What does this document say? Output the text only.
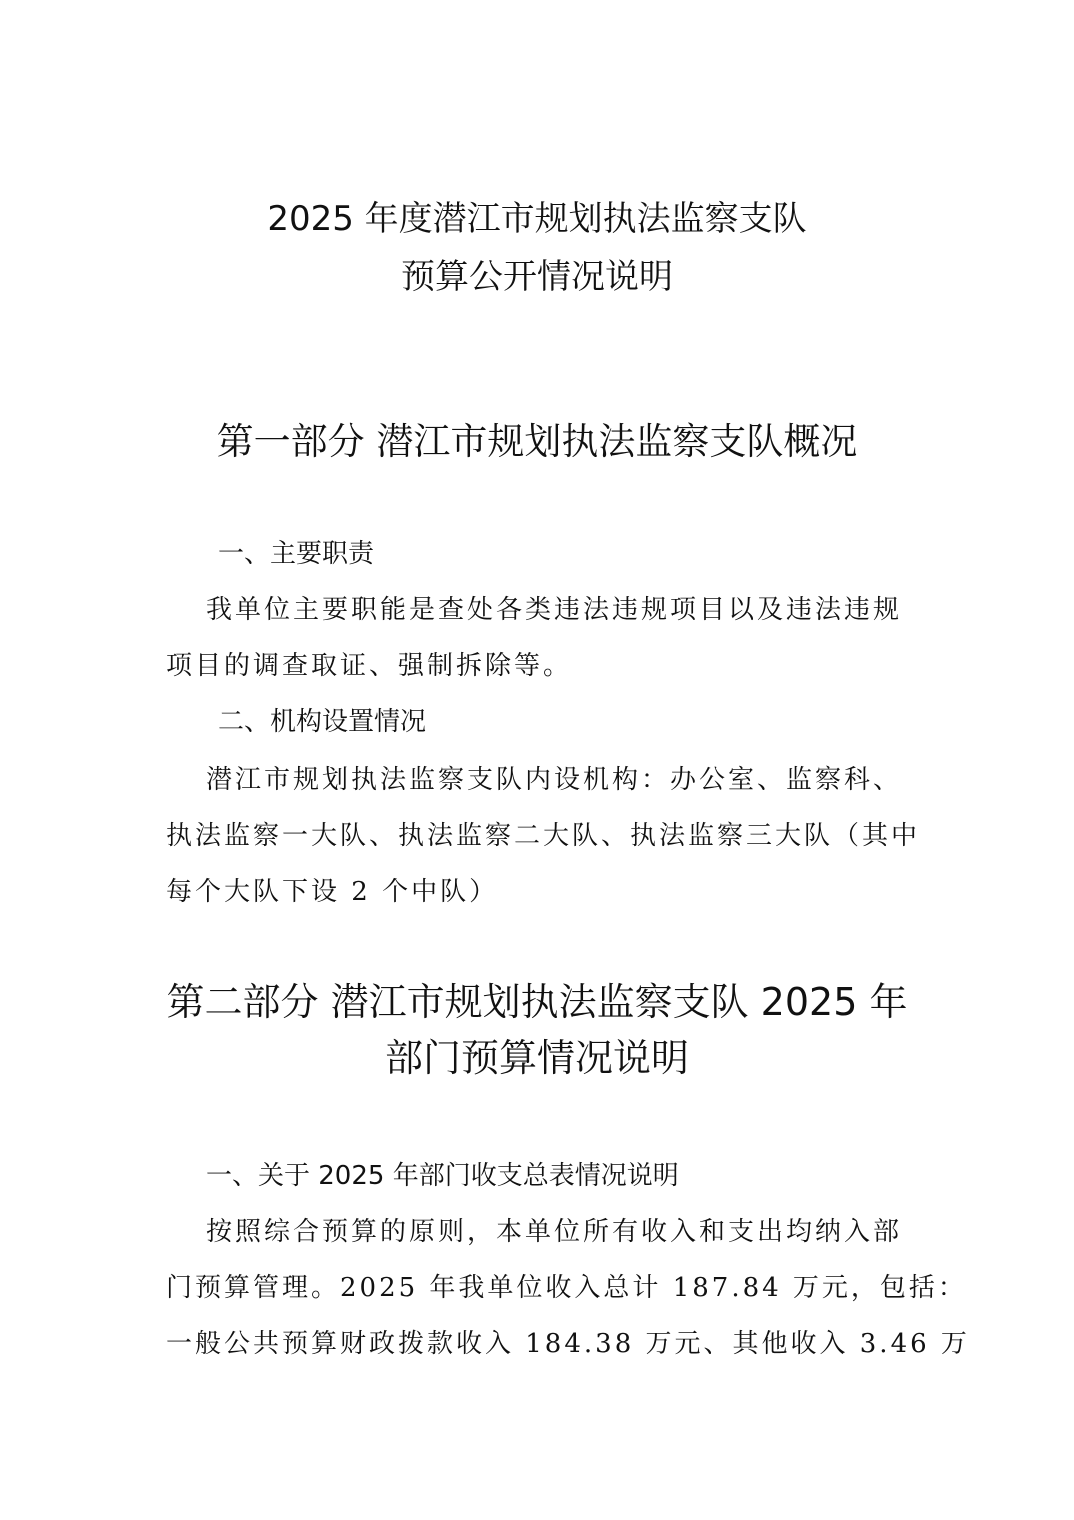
2025 年度潜江市规划执法监察支队
预算公开情况说明
第一部分 潜江市规划执法监察支队概况
一、主要职责
我单位主要职能是查处各类违法违规项目以及违法违规
项目的调查取证、强制拆除等。
二、机构设置情况
潜江市规划执法监察支队内设机构：办公室、监察科、
执法监察一大队、执法监察二大队、执法监察三大队（其中
每个大队下设 2 个中队）
第二部分 潜江市规划执法监察支队 2025 年
部门预算情况说明
一、关于 2025 年部门收支总表情况说明
按照综合预算的原则，本单位所有收入和支出均纳入部
门预算管理。2025 年我单位收入总计 187.84 万元，包括：
一般公共预算财政拨款收入 184.38 万元、其他收入 3.46 万
